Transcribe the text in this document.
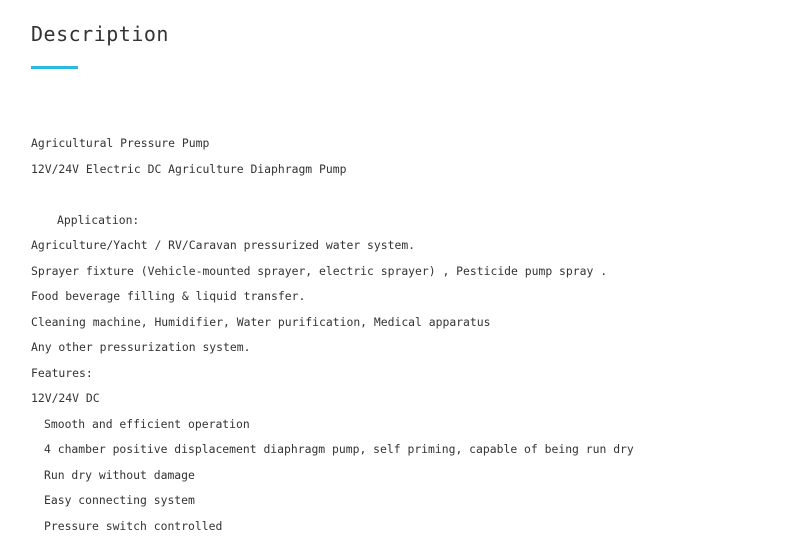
Description
Agricultural Pressure Pump
12V/24V Electric DC Agriculture Diaphragm Pump
Application:
Agriculture/Yacht / RV/Caravan pressurized water system.
Sprayer fixture (Vehicle-mounted sprayer, electric sprayer) , Pesticide pump spray .
Food beverage filling & liquid transfer.
Cleaning machine, Humidifier, Water purification, Medical apparatus
Any other pressurization system.
Features:
12V/24V DC
Smooth and efficient operation
4 chamber positive displacement diaphragm pump, self priming, capable of being run dry
Run dry without damage
Easy connecting system
Pressure switch controlled
